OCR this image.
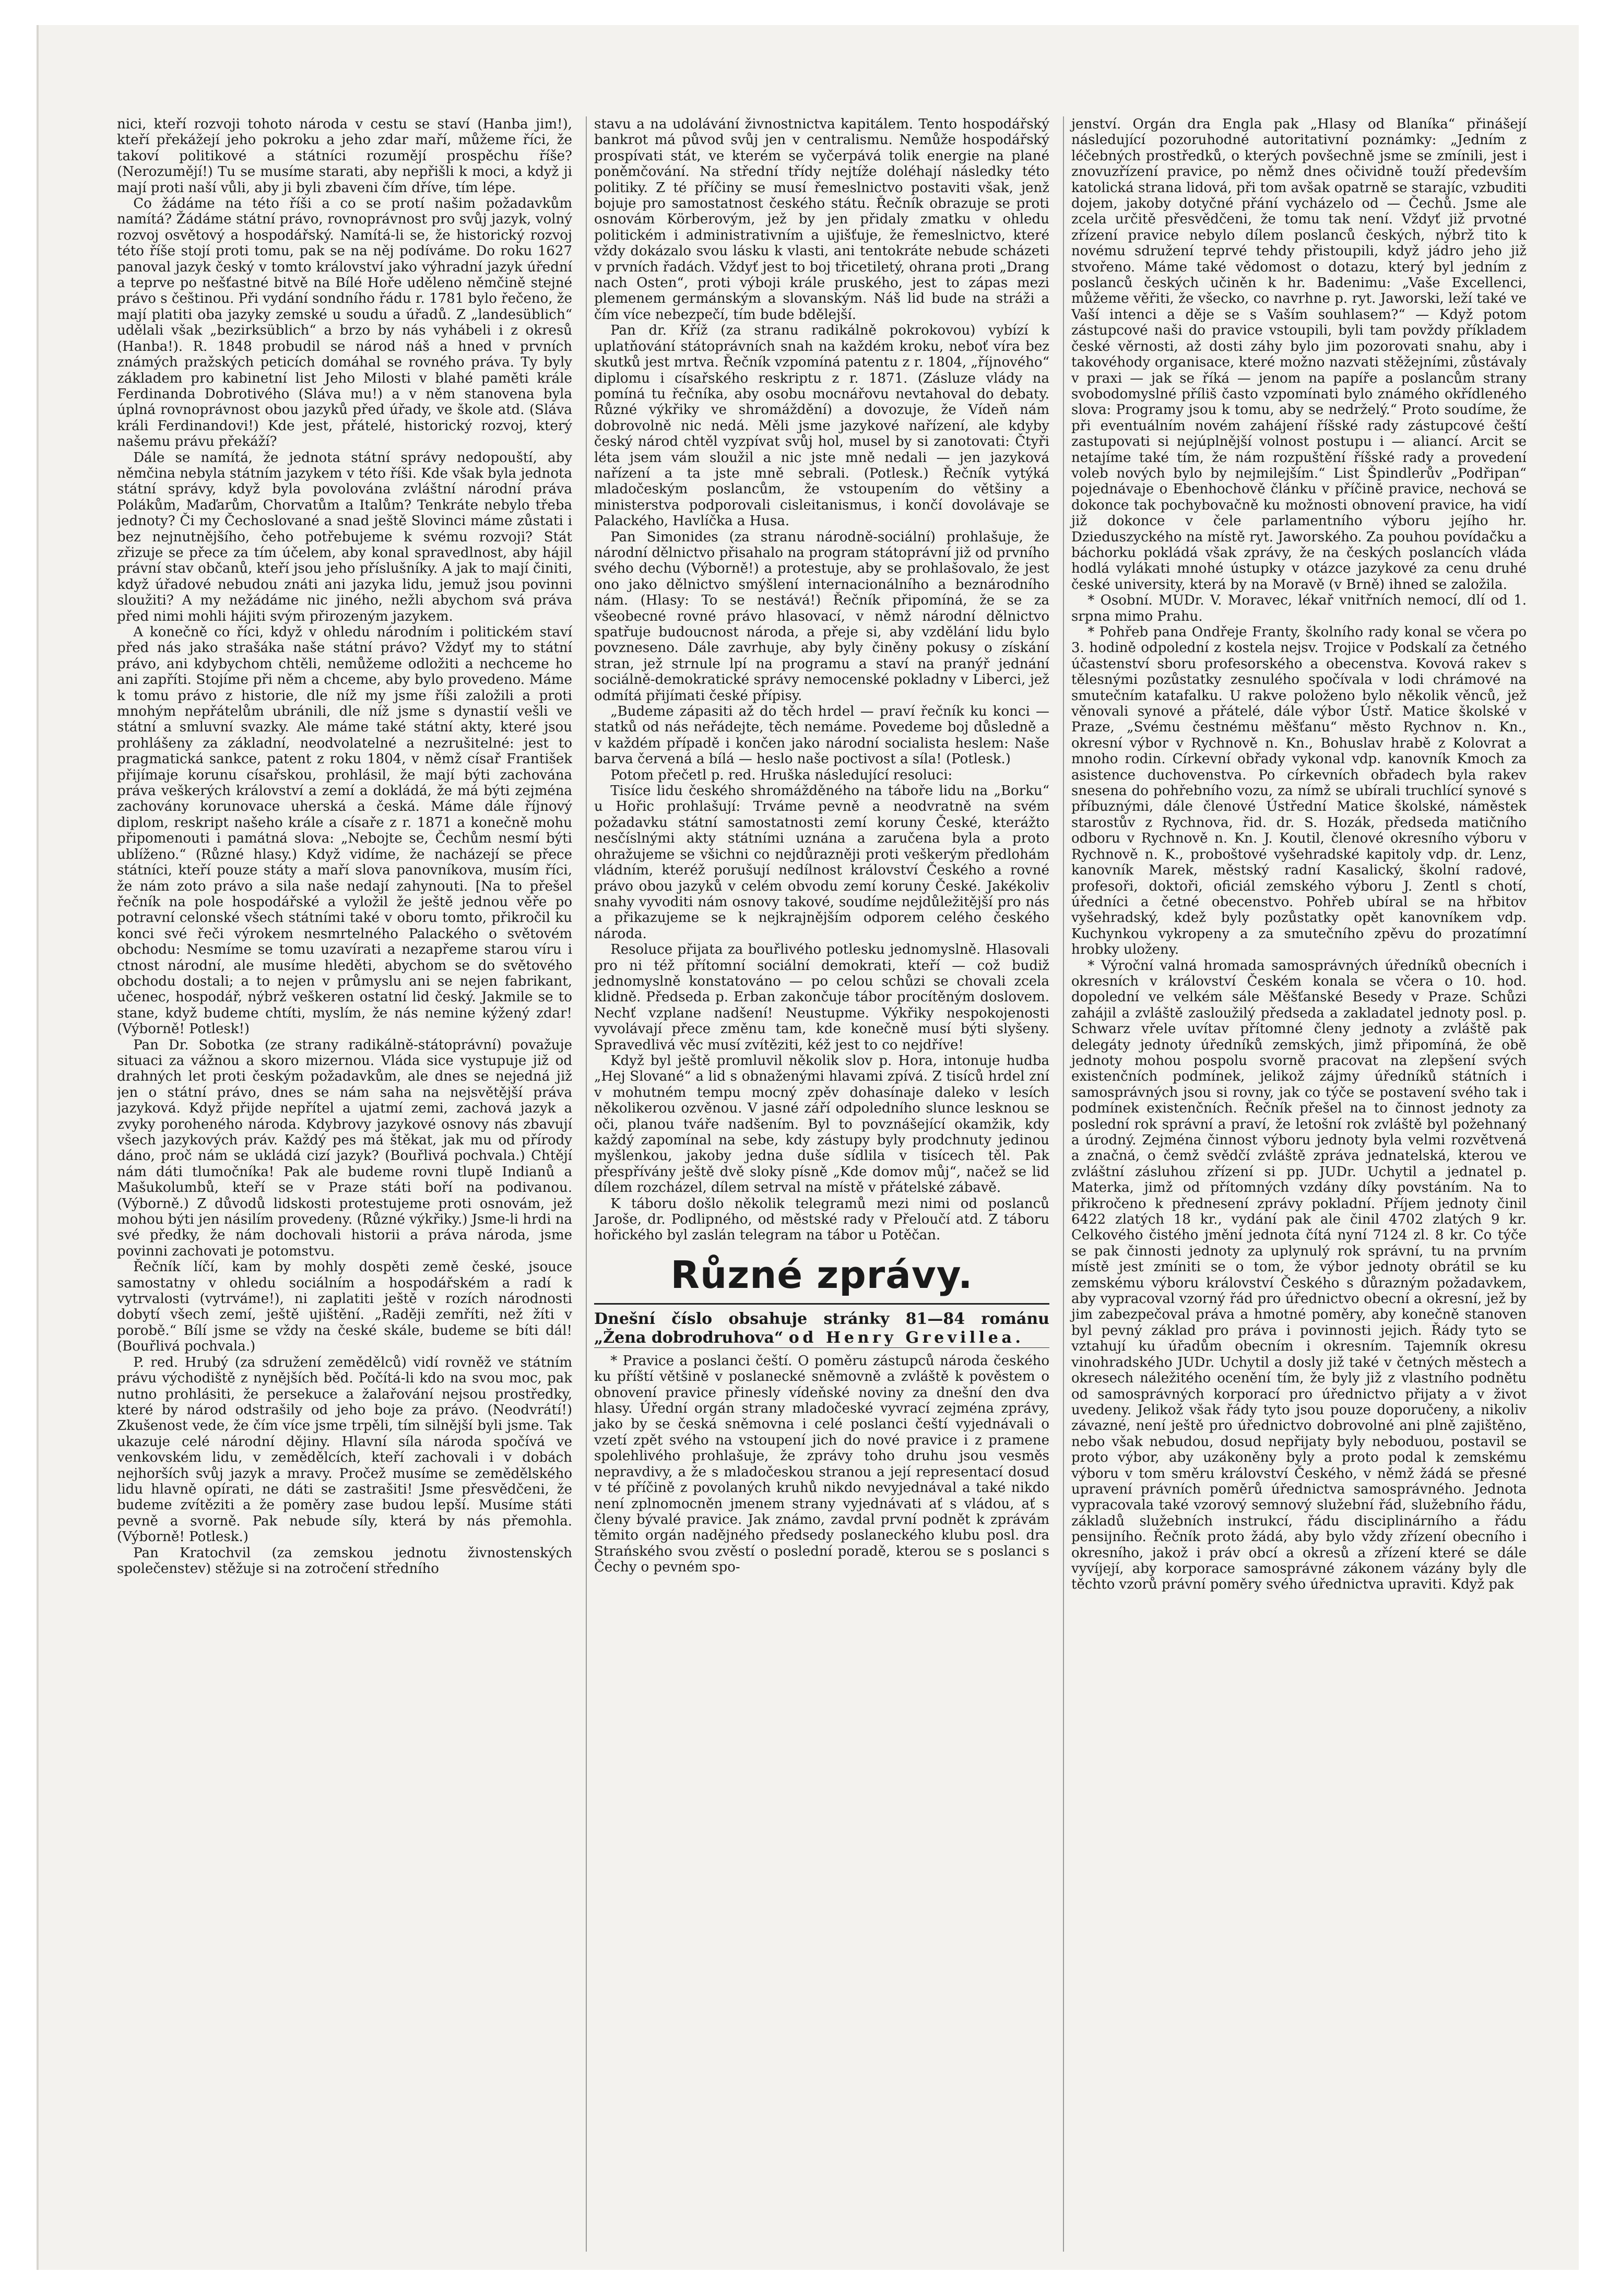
nici, kteří rozvoji tohoto národa v cestu se staví (Hanba jim!), kteří překážejí jeho pokroku a jeho zdar maří, můžeme říci, že takoví politikové a státníci rozumějí prospěchu říše? (Nerozumějí!) Tu se musíme starati, aby nepřišli k moci, a když ji mají proti naší vůli, aby ji byli zbaveni čím dříve, tím lépe.

Co žádáme na této říši a co se protí našim požadavkům namítá? Žádáme státní právo, rovnoprávnost pro svůj jazyk, volný rozvoj osvětový a hospodářský. Namítá-li se, že historický rozvoj této říše stojí proti tomu, pak se na něj podíváme. Do roku 1627 panoval jazyk český v tomto království jako výhradní jazyk úřední a teprve po nešťastné bitvě na Bílé Hoře uděleno němčině stejné právo s češtinou. Při vydání sondního řádu r. 1781 bylo řečeno, že mají platiti oba jazyky zemské u soudu a úřadů. Z „landesüblich“ udělali však „bezirksüblich“ a brzo by nás vyhábeli i z okresů (Hanba!). R. 1848 probudil se národ náš a hned v prvních známých pražských peticích domáhal se rovného práva. Ty byly základem pro kabinetní list Jeho Milosti v blahé paměti krále Ferdinanda Dobrotivého (Sláva mu!) a v něm stanovena byla úplná rovnoprávnost obou jazyků před úřady, ve škole atd. (Sláva králi Ferdinandovi!) Kde jest, přátelé, historický rozvoj, který našemu právu překáží?

Dále se namítá, že jednota státní správy nedopouští, aby němčina nebyla státním jazykem v této říši. Kde však byla jednota státní správy, když byla povolována zvláštní národní práva Polákům, Maďarům, Chorvatům a Italům? Tenkráte nebylo třeba jednoty? Či my Čechoslované a snad ještě Slovinci máme zůstati i bez nejnutnějšího, čeho potřebujeme k svému rozvoji? Stát zřizuje se přece za tím účelem, aby konal spravedlnost, aby hájil právní stav občanů, kteří jsou jeho příslušníky. A jak to mají činiti, když úřadové nebudou znáti ani jazyka lidu, jemuž jsou povinni sloužiti? A my nežádáme nic jiného, nežli abychom svá práva před nimi mohli hájiti svým přirozeným jazykem.

A konečně co říci, když v ohledu národním i politickém staví před nás jako strašáka naše státní právo? Vždyť my to státní právo, ani kdybychom chtěli, nemůžeme odložiti a nechceme ho ani zapříti. Stojíme při něm a chceme, aby bylo provedeno. Máme k tomu právo z historie, dle níž my jsme říši založili a proti mnohým nepřátelům ubránili, dle níž jsme s dynastií vešli ve státní a smluvní svazky. Ale máme také státní akty, které jsou prohlášeny za základní, neodvolatelné a nezrušitelné: jest to pragmatická sankce, patent z roku 1804, v němž císař František přijímaje korunu císařskou, prohlásil, že mají býti zachována práva veškerých království a zemí a dokládá, že má býti zejména zachovány korunovace uherská a česká. Máme dále říjnový diplom, reskript našeho krále a císaře z r. 1871 a konečně mohu připomenouti i památná slova: „Nebojte se, Čechům nesmí býti ublíženo.“ (Různé hlasy.) Když vidíme, že nacházejí se přece státníci, kteří pouze státy a maří slova panovníkova, musím říci, že nám zoto právo a sila naše nedají zahynouti. [Na to přešel řečník na pole hospodářské a vyložil že ještě jednou věře po potravní celonské všech státními také v oboru tomto, přikročil ku konci své řeči výrokem nesmrtelného Palackého o světovém obchodu: Nesmíme se tomu uzavírati a nezapřeme starou víru i ctnost národní, ale musíme hleděti, abychom se do světového obchodu dostali; a to nejen v průmyslu ani se nejen fabrikant, učenec, hospodář, nýbrž veškeren ostatní lid český. Jakmile se to stane, když budeme chtíti, myslím, že nás nemine kýžený zdar! (Výborně! Potlesk!)

Pan Dr. Sobotka (ze strany radikálně-státoprávní) považuje situaci za vážnou a skoro mizernou. Vláda sice vystupuje již od drahných let proti českým požadavkům, ale dnes se nejedná již jen o státní právo, dnes se nám saha na nejsvětější práva jazyková. Když přijde nepřítel a ujatmí zemi, zachová jazyk a zvyky poroheného národa. Kdybrovy jazykové osnovy nás zbavují všech jazykových práv. Každý pes má štěkat, jak mu od přírody dáno, proč nám se ukládá cizí jazyk? (Bouřlivá pochvala.) Chtějí nám dáti tlumočníka! Pak ale budeme rovni tlupě Indianů a Mašukolumbů, kteří se v Praze státi boří na podivanou. (Výborně.) Z důvodů lidskosti protestujeme proti osnovám, jež mohou býti jen násilím provedeny. (Různé výkřiky.) Jsme-li hrdi na své předky, že nám dochovali historii a práva národa, jsme povinni zachovati je potomstvu.

Řečník líčí, kam by mohly dospěti země české, jsouce samostatny v ohledu sociálním a hospodářském a radí k vytrvalosti (vytrváme!), ni zaplatiti ještě v rozích národnosti dobytí všech zemí, ještě ujištění. „Raději zemříti, než žíti v porobě.“ Bílí jsme se vždy na české skále, budeme se bíti dál! (Bouřlivá pochvala.)

P. red. Hrubý (za sdružení zemědělců) vidí rovněž ve státním právu východiště z nynějších běd. Počítá-li kdo na svou moc, pak nutno prohlásiti, že persekuce a žalařování nejsou prostředky, které by národ odstrašily od jeho boje za právo. (Neodvrátí!) Zkušenost vede, že čím více jsme trpěli, tím silnější byli jsme. Tak ukazuje celé národní dějiny. Hlavní síla národa spočívá ve venkovském lidu, v zemědělcích, kteří zachovali i v dobách nejhorších svůj jazyk a mravy. Pročež musíme se zemědělského lidu hlavně opírati, ne dáti se zastrašiti! Jsme přesvědčeni, že budeme zvítěziti a že poměry zase budou lepší. Musíme státi pevně a svorně. Pak nebude síly, která by nás přemohla. (Výborně! Potlesk.)

Pan Kratochvil (za zemskou jednotu živnostenských společenstev) stěžuje si na zotročení středního

stavu a na udolávání živnostnictva kapitálem. Tento hospodářský bankrot má původ svůj jen v centralismu. Nemůže hospodářský prospívati stát, ve kterém se vyčerpává tolik energie na plané poněmčování. Na střední třídy nejtíže doléhají následky této politiky. Z té příčiny se musí řemeslnictvo postaviti však, jenž bojuje pro samostatnost českého státu. Řečník obrazuje se proti osnovám Körberovým, jež by jen přidaly zmatku v ohledu politickém i administrativním a ujišťuje, že řemeslnictvo, které vždy dokázalo svou lásku k vlasti, ani tentokráte nebude scházeti v prvních řadách. Vždyť jest to boj třicetiletý, ohrana proti „Drang nach Osten“, proti výboji krále pruského, jest to zápas mezi plemenem germánským a slovanským. Náš lid bude na stráži a čím více nebezpečí, tím bude bdělejší.

Pan dr. Kříž (za stranu radikálně pokrokovou) vybízí k uplatňování státoprávních snah na každém kroku, neboť víra bez skutků jest mrtva. Řečník vzpomíná patentu z r. 1804, „říjnového“ diplomu i císařského reskriptu z r. 1871. (Zásluze vlády na pomíná tu řečníka, aby osobu mocnářovu nevtahoval do debaty. Různé výkřiky ve shromáždění) a dovozuje, že Vídeň nám dobrovolně nic nedá. Měli jsme jazykové nařízení, ale kdyby český národ chtěl vyzpívat svůj hol, musel by si zanotovati: Čtyři léta jsem vám sloužil a nic jste mně nedali — jen jazyková nařízení a ta jste mně sebrali. (Potlesk.) Řečník vytýká mladočeským poslancům, že vstoupením do většiny a ministerstva podporovali cisleitanismus, i končí dovolávaje se Palackého, Havlíčka a Husa.

Pan Simonides (za stranu národně-sociální) prohlašuje, že národní dělnictvo přisahalo na program státoprávní již od prvního svého dechu (Výborně!) a protestuje, aby se prohlašovalo, že jest ono jako dělnictvo smýšlení internacionálního a beznárodního nám. (Hlasy: To se nestává!) Řečník připomíná, že se za všeobecné rovné právo hlasovací, v němž národní dělnictvo spatřuje budoucnost národa, a přeje si, aby vzdělání lidu bylo povzneseno. Dále zavrhuje, aby byly činěny pokusy o získání stran, jež strnule lpí na programu a staví na pranýř jednání sociálně-demokratické správy nemocenské pokladny v Liberci, jež odmítá přijímati české přípisy.

„Budeme zápasiti až do těch hrdel — praví řečník ku konci — statků od nás neřádejte, těch nemáme. Povedeme boj důsledně a v každém případě i končen jako národní socialista heslem: Naše barva červená a bílá — heslo naše poctivost a síla! (Potlesk.)

Potom přečetl p. red. Hruška následující resoluci:

Tisíce lidu českého shromážděného na táboře lidu na „Borku“ u Hořic prohlašují: Trváme pevně a neodvratně na svém požadavku státní samostatnosti zemí koruny České, kterážto nesčíslnými akty státními uznána a zaručena byla a proto ohražujeme se všichni co nejdůrazněji proti veškerým předlohám vládním, kteréž porušují nedílnost království Českého a rovné právo obou jazyků v celém obvodu zemí koruny České. Jakékoliv snahy vyvoditi nám osnovy takové, soudíme nejdůležitější pro nás a přikazujeme se k nejkrajnějším odporem celého českého národa.

Resoluce přijata za bouřlivého potlesku jednomyslně. Hlasovali pro ni též přítomní sociální demokrati, kteří — což budiž jednomyslně konstatováno — po celou schůzi se chovali zcela klidně. Předseda p. Erban zakončuje tábor procítěným doslovem. Nechť vzplane nadšení! Neustupme. Výkřiky nespokojenosti vyvolávají přece změnu tam, kde konečně musí býti slyšeny. Spravedlivá věc musí zvítěziti, kéž jest to co nejdříve!

Když byl ještě promluvil několik slov p. Hora, intonuje hudba „Hej Slované“ a lid s obnaženými hlavami zpívá. Z tisíců hrdel zní v mohutném tempu mocný zpěv dohasínaje daleko v lesích několikerou ozvěnou. V jasné září odpoledního slunce lesknou se oči, planou tváře nadšením. Byl to povznášející okamžik, kdy každý zapomínal na sebe, kdy zástupy byly prodchnuty jedinou myšlenkou, jakoby jedna duše sídlila v tisícech těl. Pak přespřívány ještě dvě sloky písně „Kde domov můj“, načež se lid dílem rozcházel, dílem setrval na místě v přátelské zábavě.

K táboru došlo několik telegramů mezi nimi od poslanců Jaroše, dr. Podlipného, od městské rady v Přeloučí atd. Z táboru hořického byl zaslán telegram na tábor u Potěčan.

Různé zprávy.

Dnešní číslo obsahuje stránky 81—84 románu „Žena dobrodruhova“ od Henry Grevillea.

* Pravice a poslanci čeští. O poměru zástupců národa českého ku příští většině v poslanecké sněmovně a zvláště k pověstem o obnovení pravice přinesly vídeňské noviny za dnešní den dva hlasy. Úřední orgán strany mladočeské vyvrací zejména zprávy, jako by se česká sněmovna i celé poslanci čeští vyjednávali o vzetí zpět svého na vstoupení jich do nové pravice i z pramene spolehlivého prohlašuje, že zprávy toho druhu jsou vesměs nepravdivy, a že s mladočeskou stranou a její representací dosud v té příčině z povolaných kruhů nikdo nevyjednával a také nikdo není zplnomocněn jmenem strany vyjednávati ať s vládou, ať s členy bývalé pravice. Jak známo, zavdal první podnět k zprávám těmito orgán nadějného předsedy poslaneckého klubu posl. dra Strańského svou zvěstí o poslední poradě, kterou se s poslanci s Čechy o pevném spo-

jenství. Orgán dra Engla pak „Hlasy od Blaníka“ přinášejí následující pozoruhodné autoritativní poznámky: „Jedním z léčebných prostředků, o kterých povšechně jsme se zmínili, jest i znovuzřízení pravice, po němž dnes očividně touží především katolická strana lidová, při tom avšak opatrně se starajíc, vzbuditi dojem, jakoby dotyčné přání vycházelo od — Čechů. Jsme ale zcela určitě přesvědčeni, že tomu tak není. Vždyť již prvotné zřízení pravice nebylo dílem poslanců českých, nýbrž tito k novému sdružení teprvé tehdy přistoupili, když jádro jeho již stvořeno. Máme také vědomost o dotazu, který byl jedním z poslanců českých učiněn k hr. Badenimu: „Vaše Excellenci, můžeme věřiti, že všecko, co navrhne p. ryt. Jaworski, leží také ve Vaší intenci a děje se s Vaším souhlasem?“ — Když potom zástupcové naši do pravice vstoupili, byli tam povždy příkladem české věrnosti, až dosti záhy bylo jim pozorovati snahu, aby i takovéhody organisace, které možno nazvati stěžejními, zůstávaly v praxi — jak se říká — jenom na papíře a poslancům strany svobodomyslné příliš často vzpomínati bylo známého okřídleného slova: Programy jsou k tomu, aby se nedrželý.“ Proto soudíme, že při eventuálním novém zahájení říšské rady zástupcové čeští zastupovati si nejúplnější volnost postupu i — aliancí. Arcit se netajíme také tím, že nám rozpuštění říšské rady a provedení voleb nových bylo by nejmilejším.“ List Špindlerův „Podřipan“ pojednávaje o Ebenhochově článku v příčině pravice, nechová se dokonce tak pochybovačně ku možnosti obnovení pravice, ha vidí již dokonce v čele parlamentního výboru jejího hr. Dzieduszyckého na místě ryt. Jaworského. Za pouhou povídačku a báchorku pokládá však zprávy, že na českých poslancích vláda hodlá vylákati mnohé ústupky v otázce jazykové za cenu druhé české university, která by na Moravě (v Brně) ihned se založila.

* Osobní. MUDr. V. Moravec, lékař vnitřních nemocí, dlí od 1. srpna mimo Prahu.

* Pohřeb pana Ondřeje Franty, školního rady konal se včera po 3. hodině odpolední z kostela nejsv. Trojice v Podskalí za četného účastenství sboru profesorského a obecenstva. Kovová rakev s tělesnými pozůstatky zesnulého spočívala v lodi chrámové na smutečním katafalku. U rakve položeno bylo několik věnců, jež věnovali synové a přátelé, dále výbor Ústř. Matice školské v Praze, „Svému čestnému měšťanu“ město Rychnov n. Kn., okresní výbor v Rychnově n. Kn., Bohuslav hrabě z Kolovrat a mnoho rodin. Církevní obřady vykonal vdp. kanovník Kmoch za asistence duchovenstva. Po církevních obřadech byla rakev snesena do pohřebního vozu, za nímž se ubírali truchlící synové s příbuznými, dále členové Ústřední Matice školské, náměstek starostův z Rychnova, řid. dr. S. Hozák, předseda matičního odboru v Rychnově n. Kn. J. Koutil, členové okresního výboru v Rychnově n. K., proboštové vyšehradské kapitoly vdp. dr. Lenz, kanovník Marek, městský radní Kasalický, školní radové, profesoři, doktoři, oficiál zemského výboru J. Zentl s chotí, úředníci a četné obecenstvo. Pohřeb ubíral se na hřbitov vyšehradský, kdež byly pozůstatky opět kanovníkem vdp. Kuchynkou vykropeny a za smutečního zpěvu do prozatímní hrobky uloženy.

* Výroční valná hromada samosprávných úředníků obecních i okresních v království Českém konala se včera o 10. hod. dopolední ve velkém sále Měšťanské Besedy v Praze. Schůzi zahájil a zvláště zasloužilý předseda a zakladatel jednoty posl. p. Schwarz vřele uvítav přítomné členy jednoty a zvláště pak delegáty jednoty úředníků zemských, jimž připomíná, že obě jednoty mohou pospolu svorně pracovat na zlepšení svých existenčních podmínek, jelikož zájmy úředníků státních i samosprávných jsou si rovny, jak co týče se postavení svého tak i podmínek existenčních. Řečník přešel na to činnost jednoty za poslední rok správní a praví, že letošní rok zvláště byl požehnaný a úrodný. Zejména činnost výboru jednoty byla velmi rozvětvená a značná, o čemž svědčí zvláště zpráva jednatelská, kterou ve zvláštní zásluhou zřízení si pp. JUDr. Uchytil a jednatel p. Materka, jimž od přítomných vzdány díky povstáním. Na to přikročeno k přednesení zprávy pokladní. Příjem jednoty činil 6422 zlatých 18 kr., vydání pak ale činil 4702 zlatých 9 kr. Celkového čistého jmění jednota čítá nyní 7124 zl. 8 kr. Co týče se pak činnosti jednoty za uplynulý rok správní, tu na prvním místě jest zmíniti se o tom, že výbor jednoty obrátil se ku zemskému výboru království Českého s důrazným požadavkem, aby vypracoval vzorný řád pro úřednictvo obecní a okresní, jež by jim zabezpečoval práva a hmotné poměry, aby konečně stanoven byl pevný základ pro práva i povinnosti jejich. Řády tyto se vztahují ku úřadům obecním i okresním. Tajemník okresu vinohradského JUDr. Uchytil a dosly již také v četných městech a okresech náležitého ocenění tím, že byly již z vlastního podnětu od samosprávných korporací pro úřednictvo přijaty a v život uvedeny. Jelikož však řády tyto jsou pouze doporučeny, a nikoliv závazné, není ještě pro úřednictvo dobrovolné ani plně zajištěno, nebo však nebudou, dosud nepřijaty byly neboduou, postavil se proto výbor, aby uzákoněny byly a proto podal k zemskému výboru v tom směru království Českého, v němž žádá se přesné upravení právních poměrů úřednictva samosprávného. Jednota vypracovala také vzorový semnový služební řád, služebního řádu, základů služebních instrukcí, řádu disciplinárního a řádu pensijního. Řečník proto žádá, aby bylo vždy zřízení obecního i okresního, jakož i práv obcí a okresů a zřízení které se dále vyvíjejí, aby korporace samosprávné zákonem vázány byly dle těchto vzorů právní poměry svého úřednictva upraviti. Když pak
